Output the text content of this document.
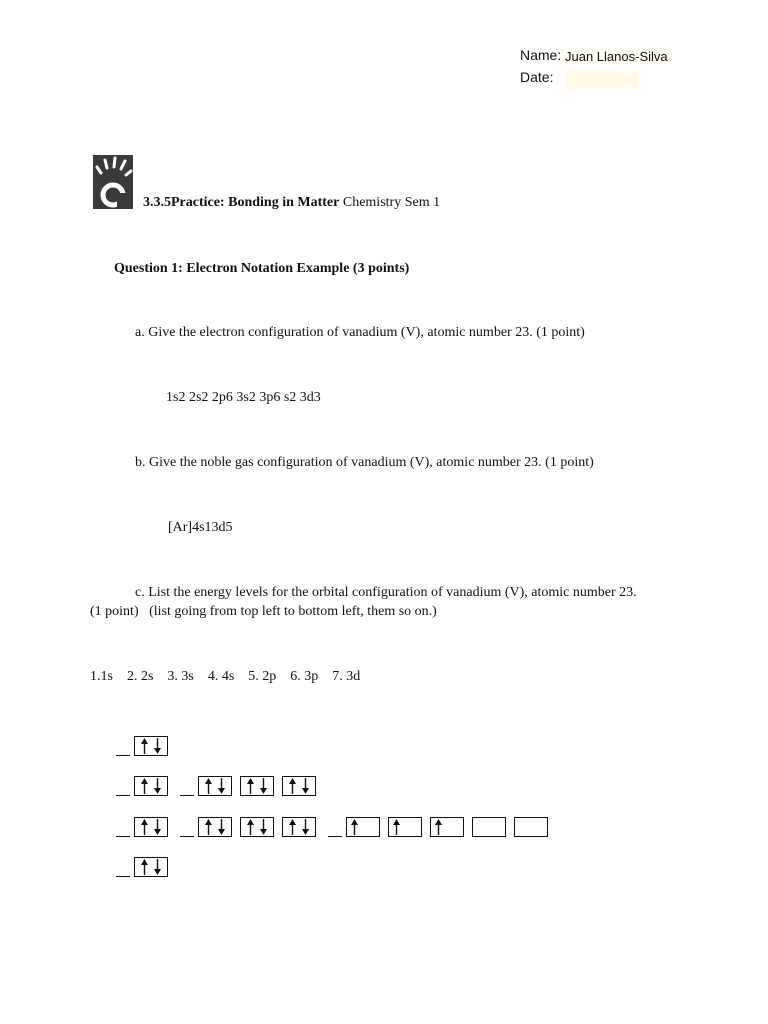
Name: Juan Llanos-Silva
Date:
3.3.5Practice: Bonding in Matter Chemistry Sem 1
Question 1: Electron Notation Example (3 points)
a. Give the electron configuration of vanadium (V), atomic number 23. (1 point)
1s2 2s2 2p6 3s2 3p6 s2 3d3
b. Give the noble gas configuration of vanadium (V), atomic number 23. (1 point)
[Ar]4s13d5
c. List the energy levels for the orbital configuration of vanadium (V), atomic number 23.
(1 point)   (list going from top left to bottom left, them so on.)
1.1s    2. 2s    3. 3s    4. 4s    5. 2p    6. 3p    7. 3d
